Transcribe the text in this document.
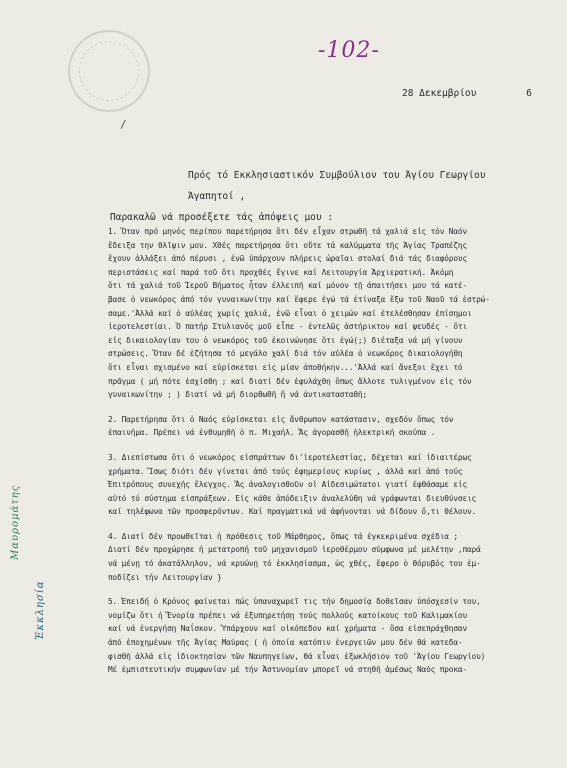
-102-
28 Δεκεμβρίου	6
/
Πρός τό Εκκλησιαστικόν Συμβούλιον του Άγίου Γεωργίου
Άγαπητοί ,
Παρακαλῶ νά προσέξετε τάς ἀπόψεις μου :
1. Ὅταν πρό μηνός περίπου παρετήρησα ὅτι δέν εἶχαν στρωθῆ τά χαλιά εἰς τόν Ναόν
ἔδειξα την θλῖψιν μου. Χθές παρετήρησα ὅτι οὔτε τά καλύμματα τῆς Ἁγίας Τραπέζης
ἔχουν ἀλλάξει ἀπό πέρυσι , ἐνῶ ὑπάρχουν πλήρεις ὡραῖαι στολαί διά τάς διαφόρους
περιστάσεις καί παρά τοῦ ὅτι προχθές ἔγινε καί Λειτουργία Άρχιερατική. Ἀκόμη
ὅτι τά χαλιά τοῦ Ἱεροῦ Βήματος ἦταν ἐλλειπῆ καί μόνον τῇ ἀπαιτήσει μου τά κατέ-
βασε ὁ νεωκόρος ἀπό τόν γυναικωνίτην καί ἔφερε ἐγώ τά ἐτίναξα ἔξω τοῦ Ναοῦ τά ἐστρώ-
σαμε.'Ἀλλά καί ὁ αὐλέας χωρίς χαλιά, ἐνῶ εἶναι ὁ χειμών καί ἐτελέσθησαν ἐπίσημοι
ἱεροτελεστίαι. Ὁ πατήρ Στυλιανός μοῦ εἶπε - ἐντελῶς ἀστήρικτον καί ψευδές - ὅτι
εἰς δικαιολογίαν του ὁ νεωκόρος τοῦ ἐκοινώνησε ὅτι ἐγώ(;) διέταξα νά μή γίνουν
στρώσεις. Ὅταν δέ ἐζήτησα τό μεγάλο χαλί διά τόν αὐλέα ὁ νεωκόρος δικαιολογήθη
ὅτι εἶναι σχισμένο καί εὑρίσκεται εἰς μίαν ἀποθήκην...'Ἀλλά καί ἄνεξοι ἔχει τό
πρᾶγμα ( μή πότε ἐσχίσθη ; καί διατί δέν ἐφυλάχθη ὅπως ἄλλοτε τυλιγμένον εἰς τόν
γυναικωνίτην ; ) διατί νά μή διορθωθῆ ἤ νά ἀντικατασταθῆ;
2. Παρετήρησα ὅτι ὁ Ναός εὑρίσκεται εἰς ἄνθρωπον κατάστασιν, σχεδόν ὅπως τόν
ἐπαινῆμα. Πρέπει νά ἐνθυμηθῆ ὁ π. Μιχαήλ. Ἄς ἀγορασθῆ ἠλεκτρική σκούπα .
3. Διεπίστωσα ὅτι ὁ νεωκόρος εἰσπράττων δι'ἱεροτελεστίας, δέχεται καί ἰδιαιτέρως
χρήματα. Ἴσως διότι δέν γίνεται ἀπό τούς ἐφημερίους κυρίως , ἀλλά καί ἀπό τούς
Ἐπιτρόπους συνεχής ἔλεγχος. Ἄς ἀναλογισθοῦν οἱ Αἰδεσιμώτατοι γιατί ἐφθάσαμε εἰς
αὐτό τό σύστημα εἰσπράξεων. Εἰς κάθε ἀπόδειξιν ἀναλελύθη νά γράφωνται διευθύνσεις
καί τηλέφωνα τῶν προσφερόντων. Καί πραγματικά νά ἀφήνονται νά δίδουν ὅ,τι θέλουν.
4. Διατί δέν προωθεῖται ἡ πρόθεσις τοῦ Μάρθηρος, ὅπως τά ἐγκεκριμένα σχέδια ;
Διατί δέν προχώρησε ἡ μετατροπή τοῦ μηχανισμοῦ ἱεροθέρμου σύμφωνα μέ μελέτην ,παρά
νά μένῃ τό ἀκατάλληλον, νά κρυώνῃ τό ἐκκλησίασμα, ὡς χθές, ἔφερο ὁ θόρυβός του ἐμ-
ποδίζει τήν Λειτουργίαν }
5. Ἐπειδή ὁ Κρόνος φαίνεται πώς ὑπαναχωρεῖ τις τήν δημοσίᾳ δοθεῖσαν ὑπόσχεσίν του,
νομίζω ὅτι ἡ Ἔνορία πρέπει νά ἐξυπηρετήσῃ τούς πολλούς κατοίκους τοῦ Καλιμακίου
καί νά ἐνεργήσῃ Ναΐσκον. Ὑπάρχουν καί οἰκόπεδον καί χρήματα - ὅσα εἰσεπράχθησαν
ἀπό ἐποχημένων τῆς Ἁγίας Μαύρας ( ἡ ὁποία κατόπιν ἐνεργειῶν μου δέν θά κατεδα-
φισθῆ ἀλλά εἰς ἰδιοκτησίαν τῶν Ναυπηγείων, θά εἶναι ἐξωκλήσιον τοῦ 'Ἁγίου Γεωργίου)
Μέ ἐμπιστευτικήν συμφωνίαν μέ τήν Ἀστυνομίαν μπορεῖ νά στηθῆ ἀμέσως Ναός προκα-
Μαυρομάτης
Ἐκκλησία
